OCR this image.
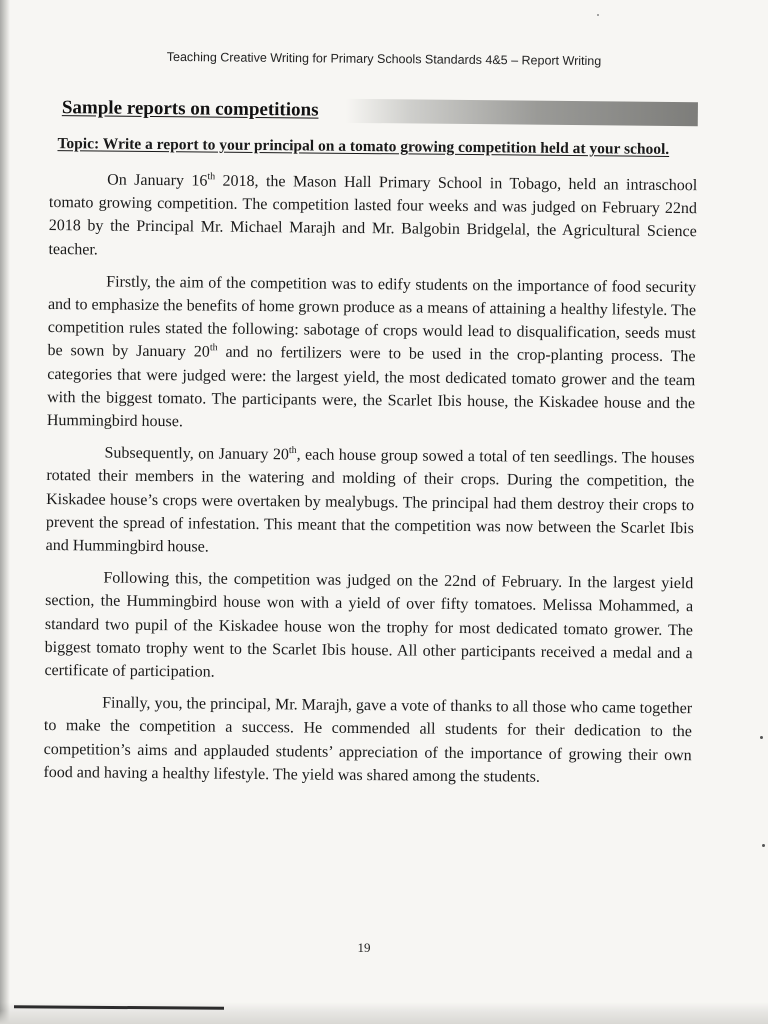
Teaching Creative Writing for Primary Schools Standards 4&5 – Report Writing
Sample reports on competitions
Topic: Write a report to your principal on a tomato growing competition held at your school.

On January 16th 2018, the Mason Hall Primary School in Tobago, held an intraschool tomato growing competition. The competition lasted four weeks and was judged on February 22nd 2018 by the Principal Mr. Michael Marajh and Mr. Balgobin Bridgelal, the Agricultural Science teacher.

Firstly, the aim of the competition was to edify students on the importance of food security and to emphasize the benefits of home grown produce as a means of attaining a healthy lifestyle. The competition rules stated the following: sabotage of crops would lead to disqualification, seeds must be sown by January 20th and no fertilizers were to be used in the crop-planting process. The categories that were judged were: the largest yield, the most dedicated tomato grower and the team with the biggest tomato. The participants were, the Scarlet Ibis house, the Kiskadee house and the Hummingbird house.

Subsequently, on January 20th, each house group sowed a total of ten seedlings. The houses rotated their members in the watering and molding of their crops. During the competition, the Kiskadee house’s crops were overtaken by mealybugs. The principal had them destroy their crops to prevent the spread of infestation. This meant that the competition was now between the Scarlet Ibis and Hummingbird house.

Following this, the competition was judged on the 22nd of February. In the largest yield section, the Hummingbird house won with a yield of over fifty tomatoes. Melissa Mohammed, a standard two pupil of the Kiskadee house won the trophy for most dedicated tomato grower. The biggest tomato trophy went to the Scarlet Ibis house. All other participants received a medal and a certificate of participation.

Finally, you, the principal, Mr. Marajh, gave a vote of thanks to all those who came together to make the competition a success. He commended all students for their dedication to the competition’s aims and applauded students’ appreciation of the importance of growing their own food and having a healthy lifestyle. The yield was shared among the students.

19
